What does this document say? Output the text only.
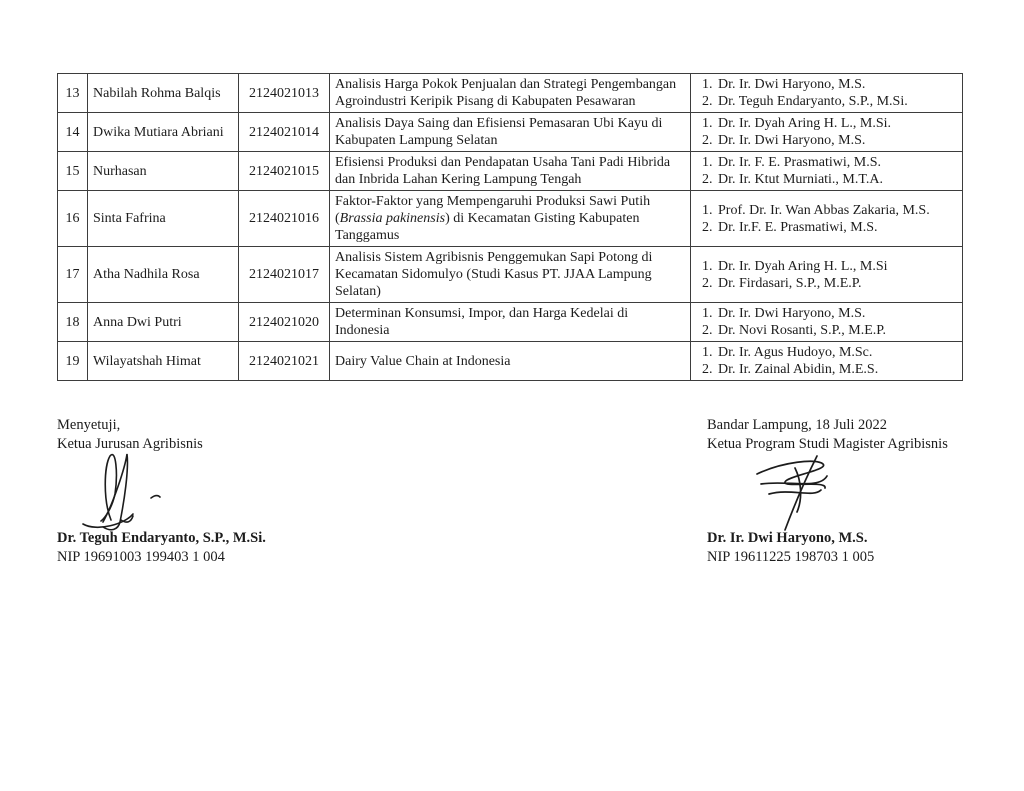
13	Nabilah Rohma Balqis	2124021013	Analisis Harga Pokok Penjualan dan Strategi Pengembangan Agroindustri Keripik Pisang di Kabupaten Pesawaran	
1. Dr. Ir. Dwi Haryono, M.S.
2. Dr. Teguh Endaryanto, S.P., M.Si.

14	Dwika Mutiara Abriani	2124021014	Analisis Daya Saing dan Efisiensi Pemasaran Ubi Kayu di Kabupaten Lampung Selatan	
1. Dr. Ir. Dyah Aring H. L., M.Si.
2. Dr. Ir. Dwi Haryono, M.S.

15	Nurhasan	2124021015	Efisiensi Produksi dan Pendapatan Usaha Tani Padi Hibrida dan Inbrida Lahan Kering Lampung Tengah	
1. Dr. Ir. F. E. Prasmatiwi, M.S.
2. Dr. Ir. Ktut Murniati., M.T.A.

16	Sinta Fafrina	2124021016	Faktor-Faktor yang Mempengaruhi Produksi Sawi Putih (Brassia pakinensis) di Kecamatan Gisting Kabupaten Tanggamus	
1. Prof. Dr. Ir. Wan Abbas Zakaria, M.S.
2. Dr. Ir.F. E. Prasmatiwi, M.S.

17	Atha Nadhila Rosa	2124021017	Analisis Sistem Agribisnis Penggemukan Sapi Potong di Kecamatan Sidomulyo (Studi Kasus PT. JJAA Lampung Selatan)	
1. Dr. Ir. Dyah Aring H. L., M.Si
2. Dr. Firdasari, S.P., M.E.P.

18	Anna Dwi Putri	2124021020	Determinan Konsumsi, Impor, dan Harga Kedelai di Indonesia	
1. Dr. Ir. Dwi Haryono, M.S.
2. Dr. Novi Rosanti, S.P., M.E.P.

19	Wilayatshah Himat	2124021021	Dairy Value Chain at Indonesia	
1. Dr. Ir. Agus Hudoyo, M.Sc.
2. Dr. Ir. Zainal Abidin, M.E.S.
Menyetuji,
Ketua Jurusan Agribisnis
Dr. Teguh Endaryanto, S.P., M.Si.
NIP 19691003 199403 1 004
Bandar Lampung, 18 Juli 2022
Ketua Program Studi Magister Agribisnis
Dr. Ir. Dwi Haryono, M.S.
NIP 19611225 198703 1 005
